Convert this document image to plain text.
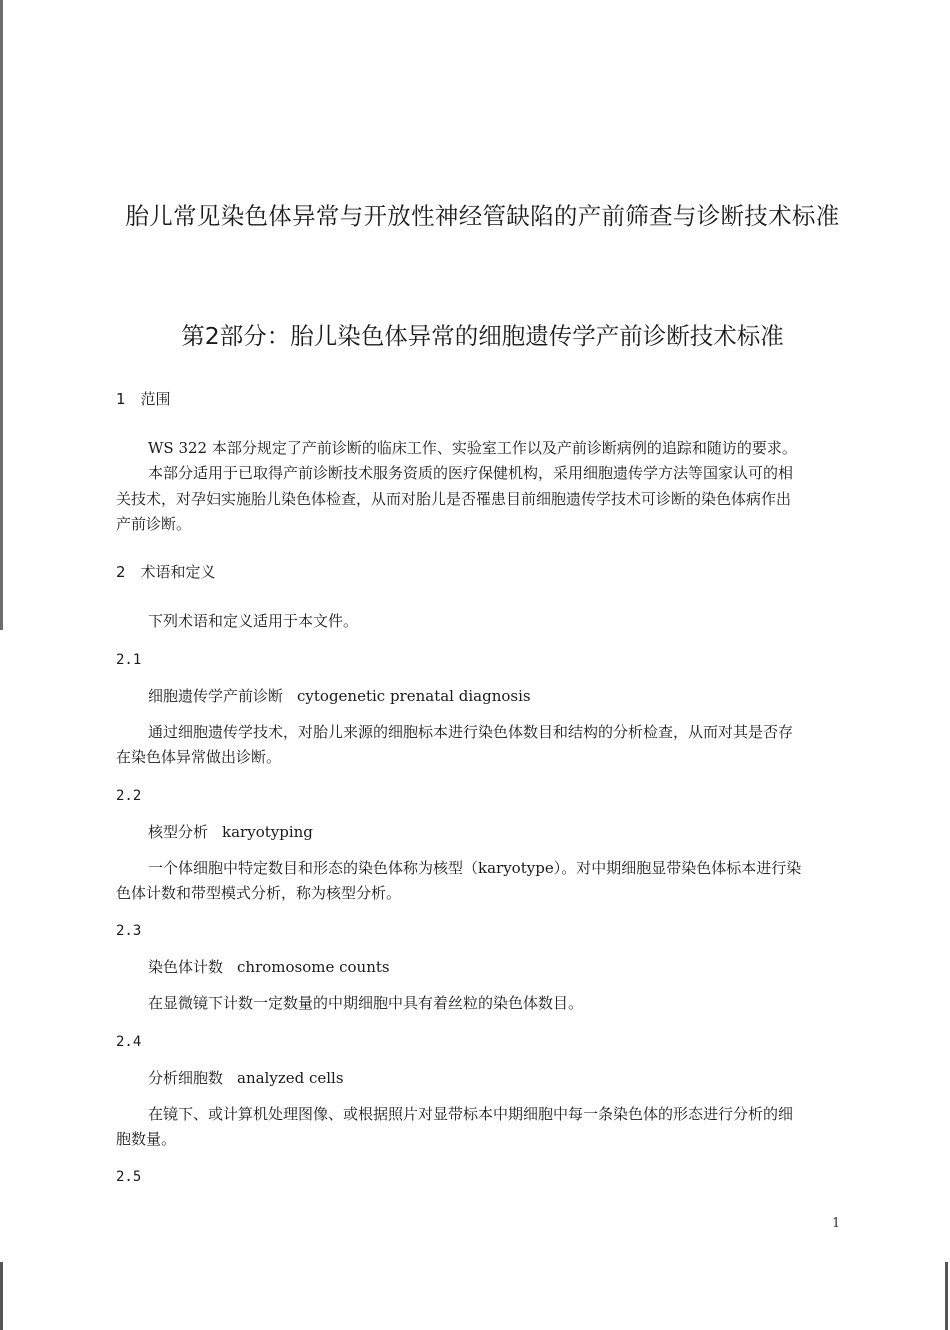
胎儿常见染色体异常与开放性神经管缺陷的产前筛查与诊断技术标准
第2部分：胎儿染色体异常的细胞遗传学产前诊断技术标准
1　范围
WS 322 本部分规定了产前诊断的临床工作、实验室工作以及产前诊断病例的追踪和随访的要求。
本部分适用于已取得产前诊断技术服务资质的医疗保健机构，采用细胞遗传学方法等国家认可的相
关技术，对孕妇实施胎儿染色体检查，从而对胎儿是否罹患目前细胞遗传学技术可诊断的染色体病作出
产前诊断。
2　术语和定义
下列术语和定义适用于本文件。
2.1
细胞遗传学产前诊断 cytogenetic prenatal diagnosis
通过细胞遗传学技术，对胎儿来源的细胞标本进行染色体数目和结构的分析检查，从而对其是否存
在染色体异常做出诊断。
2.2
核型分析 karyotyping
一个体细胞中特定数目和形态的染色体称为核型（karyotype）。对中期细胞显带染色体标本进行染
色体计数和带型模式分析，称为核型分析。
2.3
染色体计数 chromosome counts
在显微镜下计数一定数量的中期细胞中具有着丝粒的染色体数目。
2.4
分析细胞数 analyzed cells
在镜下、或计算机处理图像、或根据照片对显带标本中期细胞中每一条染色体的形态进行分析的细
胞数量。
2.5
1
